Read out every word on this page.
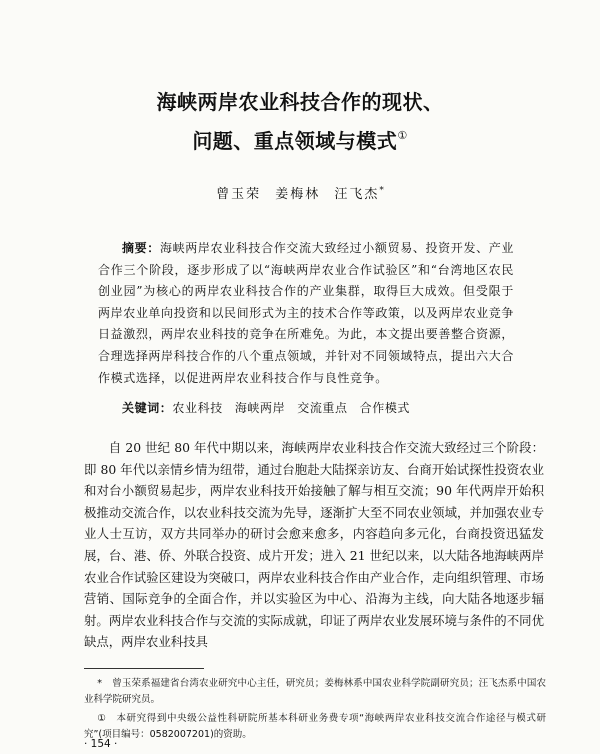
海峡两岸农业科技合作的现状、
问题、重点领域与模式①
曾玉荣 姜梅林 汪飞杰*
摘要：海峡两岸农业科技合作交流大致经过小额贸易、投资开发、产业合作三个阶段，逐步形成了以“海峡两岸农业合作试验区”和“台湾地区农民创业园”为核心的两岸农业科技合作的产业集群，取得巨大成效。但受限于两岸农业单向投资和以民间形式为主的技术合作等政策，以及两岸农业竞争日益激烈，两岸农业科技的竞争在所难免。为此，本文提出要善整合资源，合理选择两岸科技合作的八个重点领域，并针对不同领域特点，提出六大合作模式选择，以促进两岸农业科技合作与良性竞争。
关键词：农业科技 海峡两岸 交流重点 合作模式
自 20 世纪 80 年代中期以来，海峡两岸农业科技合作交流大致经过三个阶段：即 80 年代以亲情乡情为纽带，通过台胞赴大陆探亲访友、台商开始试探性投资农业和对台小额贸易起步，两岸农业科技开始接触了解与相互交流；90 年代两岸开始积极推动交流合作，以农业科技交流为先导，逐渐扩大至不同农业领域，并加强农业专业人士互访，双方共同举办的研讨会愈来愈多，内容趋向多元化，台商投资迅猛发展，台、港、侨、外联合投资、成片开发；进入 21 世纪以来，以大陆各地海峡两岸农业合作试验区建设为突破口，两岸农业科技合作由产业合作，走向组织管理、市场营销、国际竞争的全面合作，并以实验区为中心、沿海为主线，向大陆各地逐步辐射。两岸农业科技合作与交流的实际成就，印证了两岸农业发展环境与条件的不同优缺点，两岸农业科技具
* 曾玉荣系福建省台湾农业研究中心主任，研究员；姜梅林系中国农业科学院副研究员；汪飞杰系中国农业科学院研究员。
① 本研究得到中央级公益性科研院所基本科研业务费专项“海峡两岸农业科技交流合作途径与模式研究”(项目编号：0582007201)的资助。
· 154 ·
